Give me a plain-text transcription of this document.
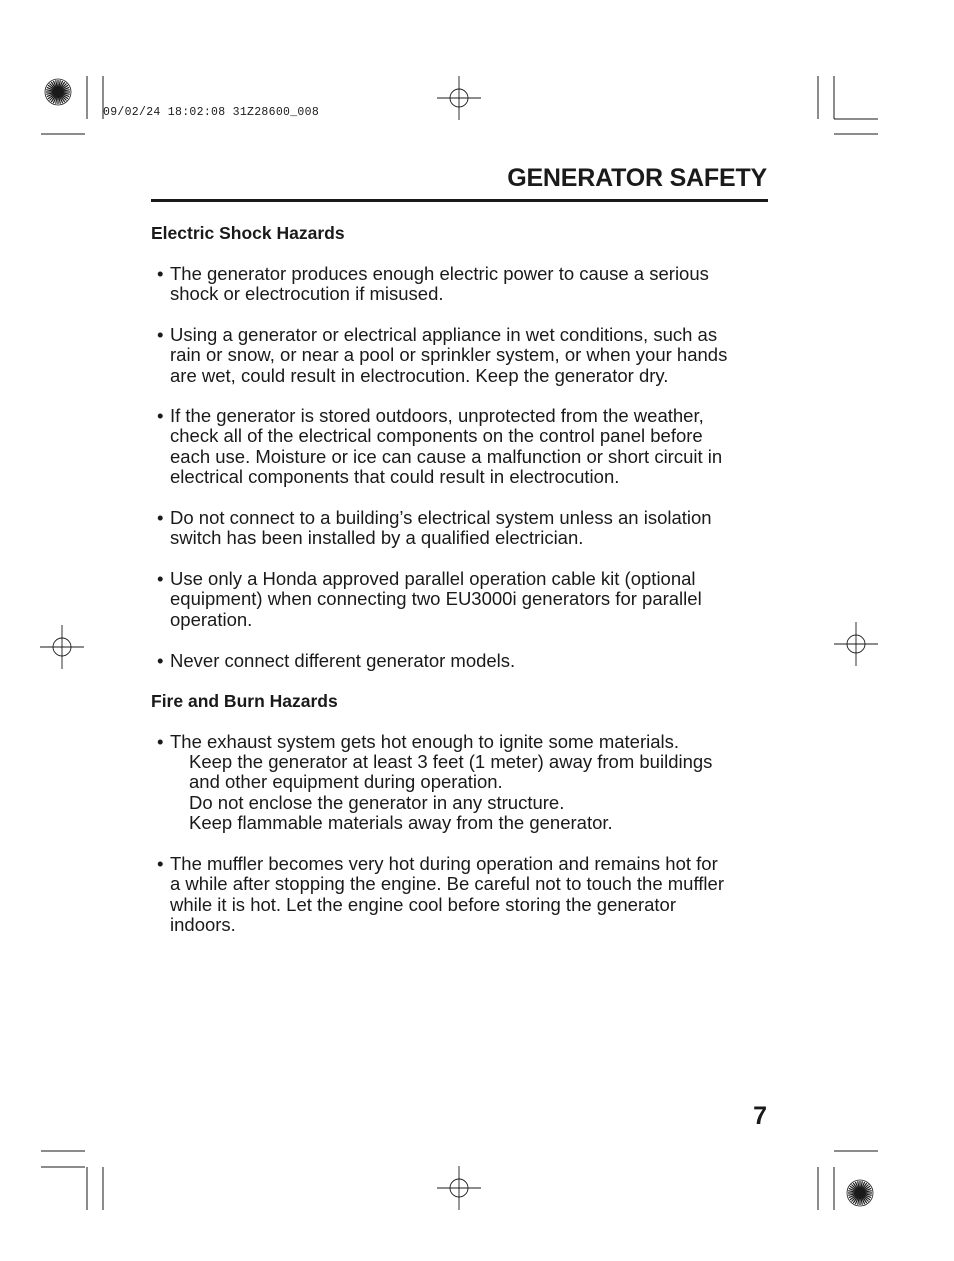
09/02/24 18:02:08 31Z28600_008
GENERATOR SAFETY
Electric Shock Hazards
• The generator produces enough electric power to cause a serious
shock or electrocution if misused.

• Using a generator or electrical appliance in wet conditions, such as
rain or snow, or near a pool or sprinkler system, or when your hands
are wet, could result in electrocution. Keep the generator dry.

• If the generator is stored outdoors, unprotected from the weather,
check all of the electrical components on the control panel before
each use. Moisture or ice can cause a malfunction or short circuit in
electrical components that could result in electrocution.

• Do not connect to a building’s electrical system unless an isolation
switch has been installed by a qualified electrician.

• Use only a Honda approved parallel operation cable kit (optional
equipment) when connecting two EU3000i generators for parallel
operation.

• Never connect different generator models.

Fire and Burn Hazards
• The exhaust system gets hot enough to ignite some materials.

Keep the generator at least 3 feet (1 meter) away from buildings
and other equipment during operation.
Do not enclose the generator in any structure.
Keep flammable materials away from the generator.

• The muffler becomes very hot during operation and remains hot for
a while after stopping the engine. Be careful not to touch the muffler
while it is hot. Let the engine cool before storing the generator
indoors.

7
